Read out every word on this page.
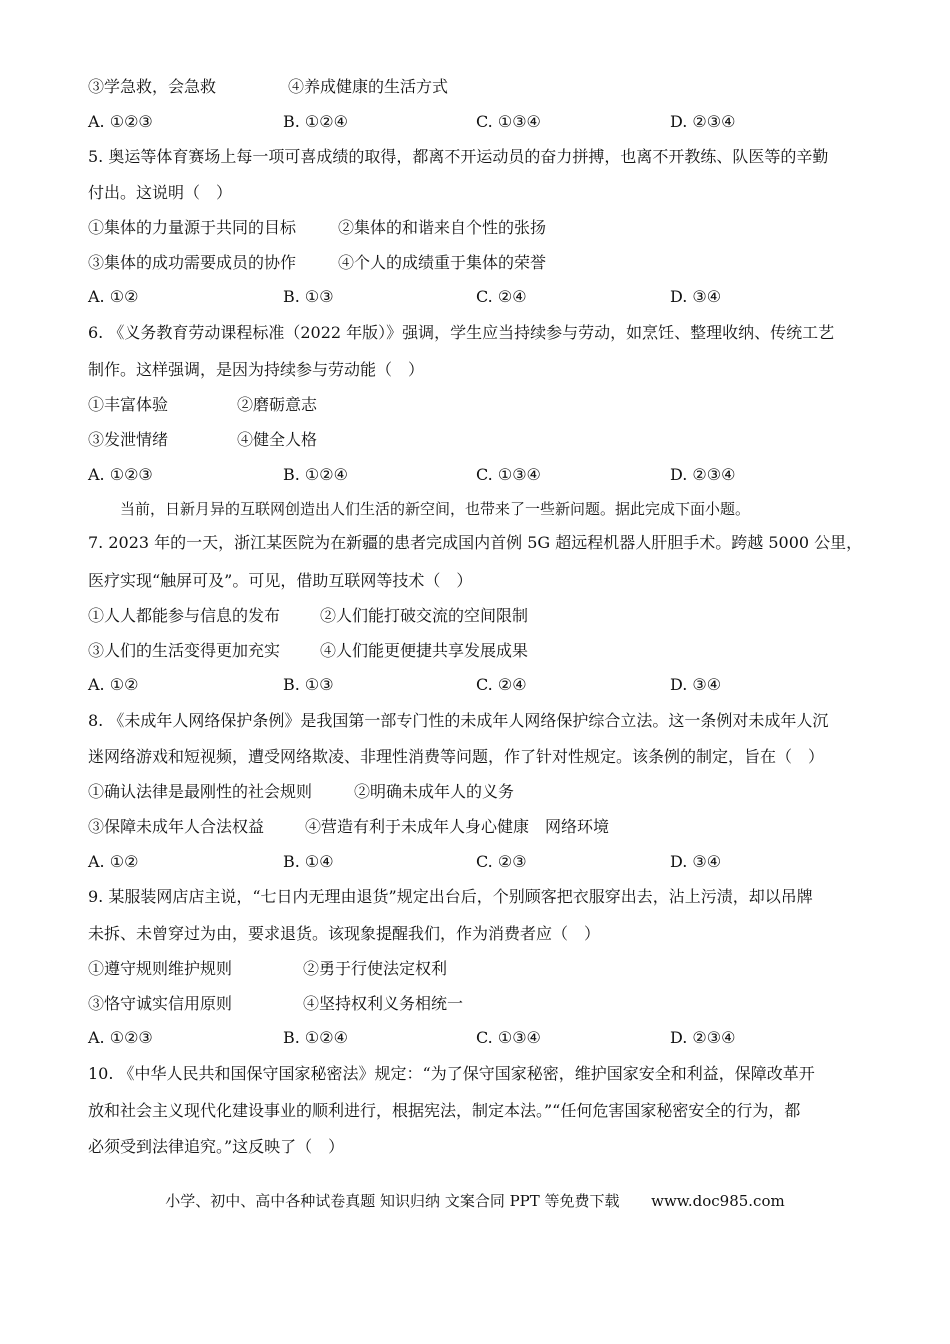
③学急救，会急救	④养成健康的生活方式
A. ①②③	B. ①②④	C. ①③④	D. ②③④
5. 奥运等体育赛场上每一项可喜成绩的取得，都离不开运动员的奋力拼搏，也离不开教练、队医等的辛勤
付出。这说明（　）
①集体的力量源于共同的目标	②集体的和谐来自个性的张扬
③集体的成功需要成员的协作	④个人的成绩重于集体的荣誉
A. ①②	B. ①③	C. ②④	D. ③④
6. 《义务教育劳动课程标准（2022 年版）》强调，学生应当持续参与劳动，如烹饪、整理收纳、传统工艺
制作。这样强调，是因为持续参与劳动能（　）
①丰富体验	②磨砺意志
③发泄情绪	④健全人格
A. ①②③	B. ①②④	C. ①③④	D. ②③④
当前，日新月异的互联网创造出人们生活的新空间，也带来了一些新问题。据此完成下面小题。
7. 2023 年的一天，浙江某医院为在新疆的患者完成国内首例 5G 超远程机器人肝胆手术。跨越 5000 公里，
医疗实现“触屏可及”。可见，借助互联网等技术（　）
①人人都能参与信息的发布 ②人们能打破交流的空间限制
③人们的生活变得更加充实 ④人们能更便捷共享发展成果
A. ①②	B. ①③	C. ②④	D. ③④
8. 《未成年人网络保护条例》是我国第一部专门性的未成年人网络保护综合立法。这一条例对未成年人沉
迷网络游戏和短视频，遭受网络欺凌、非理性消费等问题，作了针对性规定。该条例的制定，旨在（　）
①确认法律是最刚性的社会规则	②明确未成年人的义务
③保障未成年人合法权益	④营造有利于未成年人身心健康　网络环境
A. ①②	B. ①④	C. ②③	D. ③④
9. 某服装网店店主说，“七日内无理由退货”规定出台后，个别顾客把衣服穿出去，沾上污渍，却以吊牌
未拆、未曾穿过为由，要求退货。该现象提醒我们，作为消费者应（　）
①遵守规则维护规则	②勇于行使法定权利
③恪守诚实信用原则	④坚持权利义务相统一
A. ①②③	B. ①②④	C. ①③④	D. ②③④
10. 《中华人民共和国保守国家秘密法》规定：“为了保守国家秘密，维护国家安全和利益，保障改革开
放和社会主义现代化建设事业的顺利进行，根据宪法，制定本法。”“任何危害国家秘密安全的行为，都
必须受到法律追究。”这反映了（　）
小学、初中、高中各种试卷真题 知识归纳 文案合同 PPT 等免费下载 www.doc985.com
